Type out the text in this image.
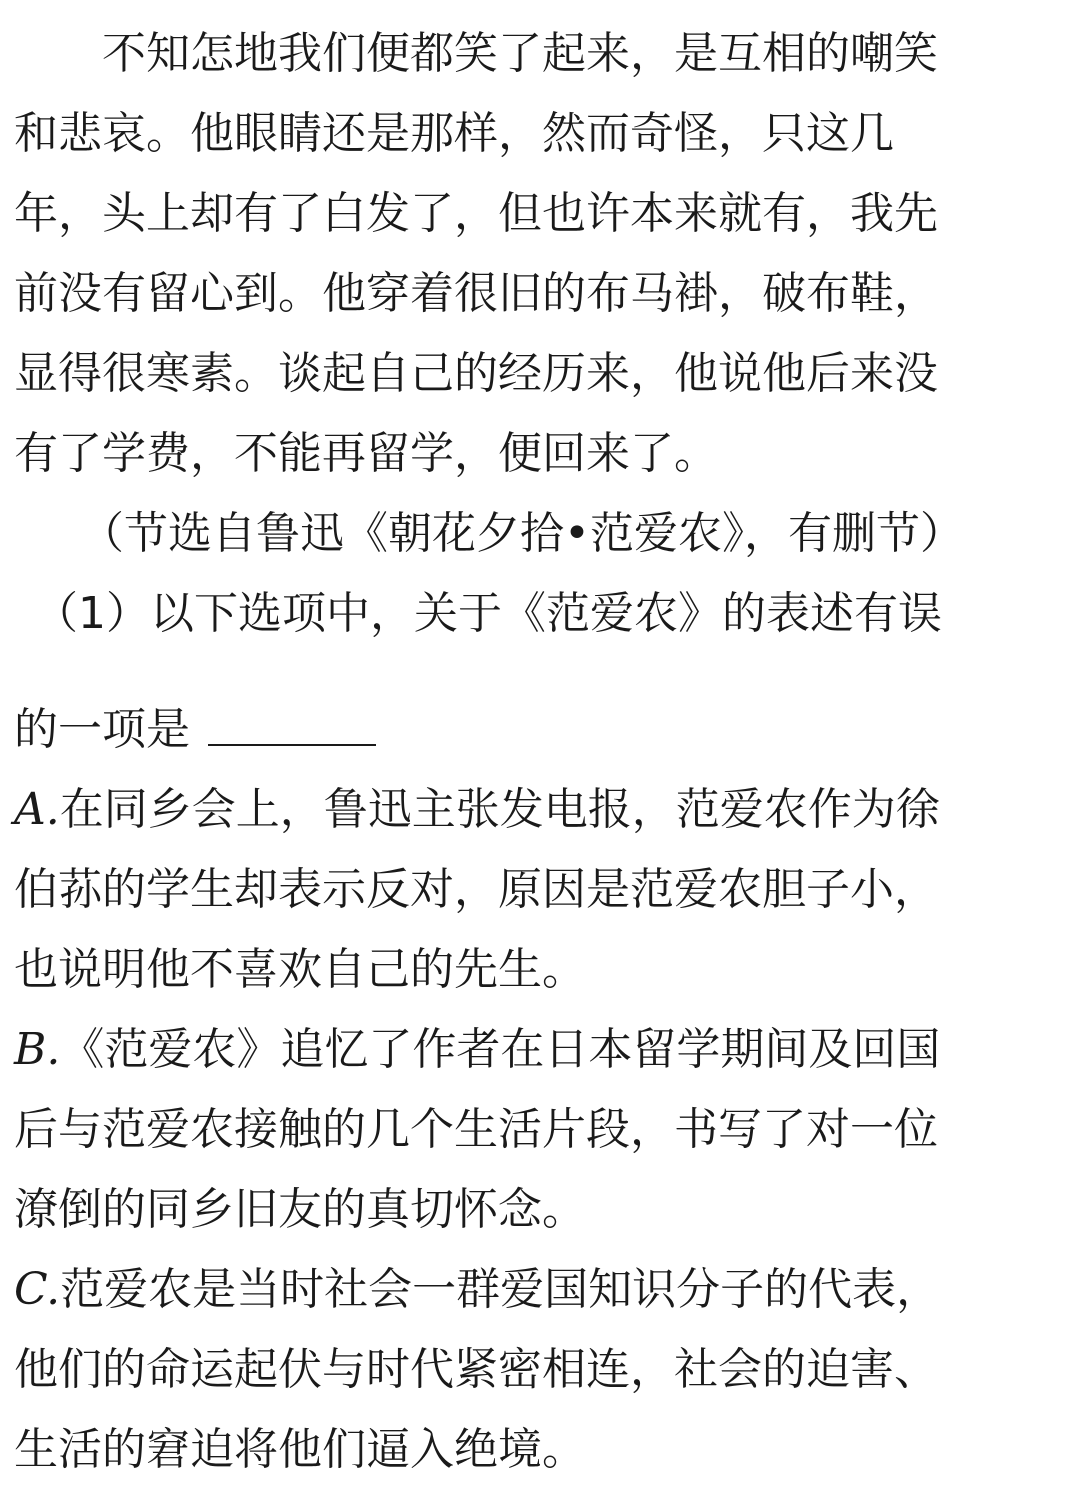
不知怎地我们便都笑了起来，是互相的嘲笑
和悲哀。他眼睛还是那样，然而奇怪，只这几
年，头上却有了白发了，但也许本来就有，我先
前没有留心到。他穿着很旧的布马褂，破布鞋，
显得很寒素。谈起自己的经历来，他说他后来没
有了学费，不能再留学，便回来了。
（节选自鲁迅《朝花夕拾•范爱农》，有删节）
（1）以下选项中，关于《范爱农》的表述有误
的一项是
A.在同乡会上，鲁迅主张发电报，范爱农作为徐
伯荪的学生却表示反对，原因是范爱农胆子小，
也说明他不喜欢自己的先生。
B.《范爱农》追忆了作者在日本留学期间及回国
后与范爱农接触的几个生活片段，书写了对一位
潦倒的同乡旧友的真切怀念。
C.范爱农是当时社会一群爱国知识分子的代表，
他们的命运起伏与时代紧密相连，社会的迫害、
生活的窘迫将他们逼入绝境。
